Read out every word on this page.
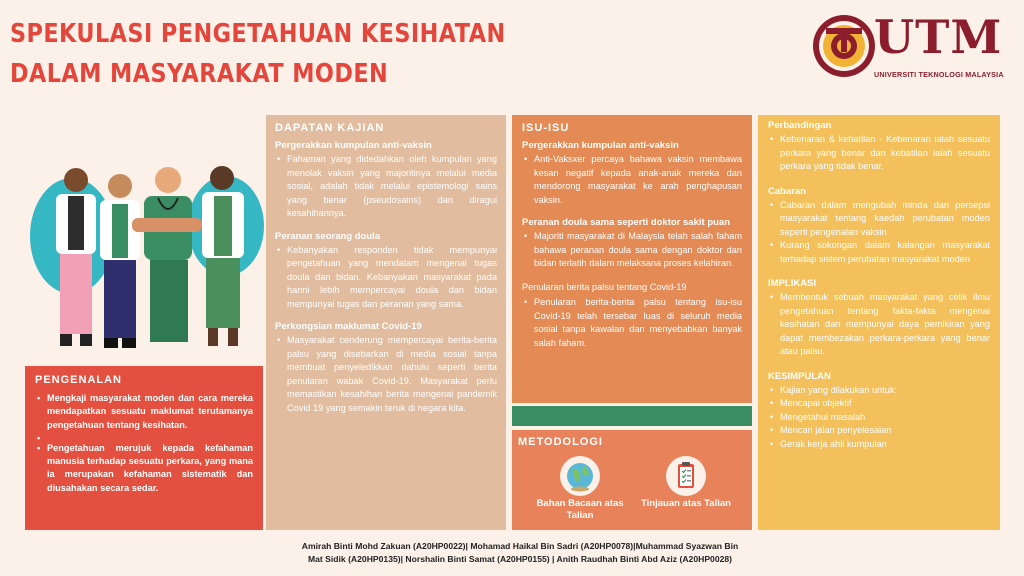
SPEKULASI PENGETAHUAN KESIHATAN
DALAM MASYARAKAT MODEN
UTM
UNIVERSITI TEKNOLOGI MALAYSIA
PENGENALAN
• Mengkaji masyarakat moden dan cara mereka mendapatkan sesuatu maklumat terutamanya pengetahuan tentang kesihatan.
•
• Pengetahuan merujuk kepada kefahaman manusia terhadap sesuatu perkara, yang mana ia merupakan kefahaman sistematik dan diusahakan secara sedar.
DAPATAN KAJIAN
Pergerakkan kumpulan anti-vaksin
• Fahaman yang didedahkan oleh kumpulan yang menolak vaksin yang majoritinya melalui media sosial, adalah tidak melalui epistemologi sains yang benar (pseudosains) dan diragui kesahihannya.
Peranan seorang doula
• Kebanyakan responden tidak mempunyai pengetahuan yang mendalam mengenai tugas doula dan bidan. Kebanyakan masyarakat pada harini lebih mempercayai doula dan bidan mempunyai tugas dan peranan yang sama.
Perkongsian maklumat Covid-19
• Masyarakat cenderung mempercayai berita-berita palsu yang disebarkan di media sosial tanpa membuat penyeledikkan dahulu seperti berita penularan wabak Covid-19. Masyarakat perlu memastikan kesahihan berita mengenai pandemik Covid 19 yang semakin teruk di negara kita.
ISU-ISU
Pergerakkan kumpulan anti-vaksin
• Anti-Vaksxer percaya bahawa vaksin membawa kesan negatif kepada anak-anak mereka dan mendorong masyarakat ke arah penghapusan vaksin.
Peranan doula sama seperti doktor sakit puan
• Majoriti masyarakat di Malaysia telah salah faham bahawa peranan doula sama dengan doktor dan bidan terlatih dalam melaksana proses kelahiran.

Penularan berita palsu tentang Covid-19

• Penularan berita-berita palsu tentang isu-isu Covid-19 telah tersebar luas di seluruh media sosial tanpa kawalan dan menyebabkan banyak salah faham.
METODOLOGI
Bahan Bacaan atas Talian
Tinjauan atas Talian
Perbandingan
• Kebenaran & kebatilan - Kebenaran ialah sesuatu perkara yang benar dan kebatilan ialah sesuatu perkara yang tidak benar.
Cabaran
• Cabaran dalam mengubah minda dan persepsi masyarakat tentang kaedah perubatan moden seperti pengenalan vaksin
• Kurang sokongan dalam kalangan masyarakat terhadap sistem perubatan masyarakat moden
IMPLIKASI
• Membentuk sebuah masyarakat yang celik ilmu pengetahuan tentang fakta-fakta mengenai kesihatan dan mempunyai daya pemikiran yang dapat membezakan perkara-perkara yang benar atau palsu.
KESIMPULAN
• Kajian yang dilakukan untuk:
• Mencapai objektif
• Mengetahui masalah
• Mencari jalan penyelesaian
• Gerak kerja ahli kumpulan
Amirah Binti Mohd Zakuan (A20HP0022)| Mohamad Haikal Bin Sadri (A20HP0078)|Muhammad Syazwan Bin
Mat Sidik (A20HP0135)| Norshalin Binti Samat (A20HP0155) | Anith Raudhah Binti Abd Aziz (A20HP0028)
